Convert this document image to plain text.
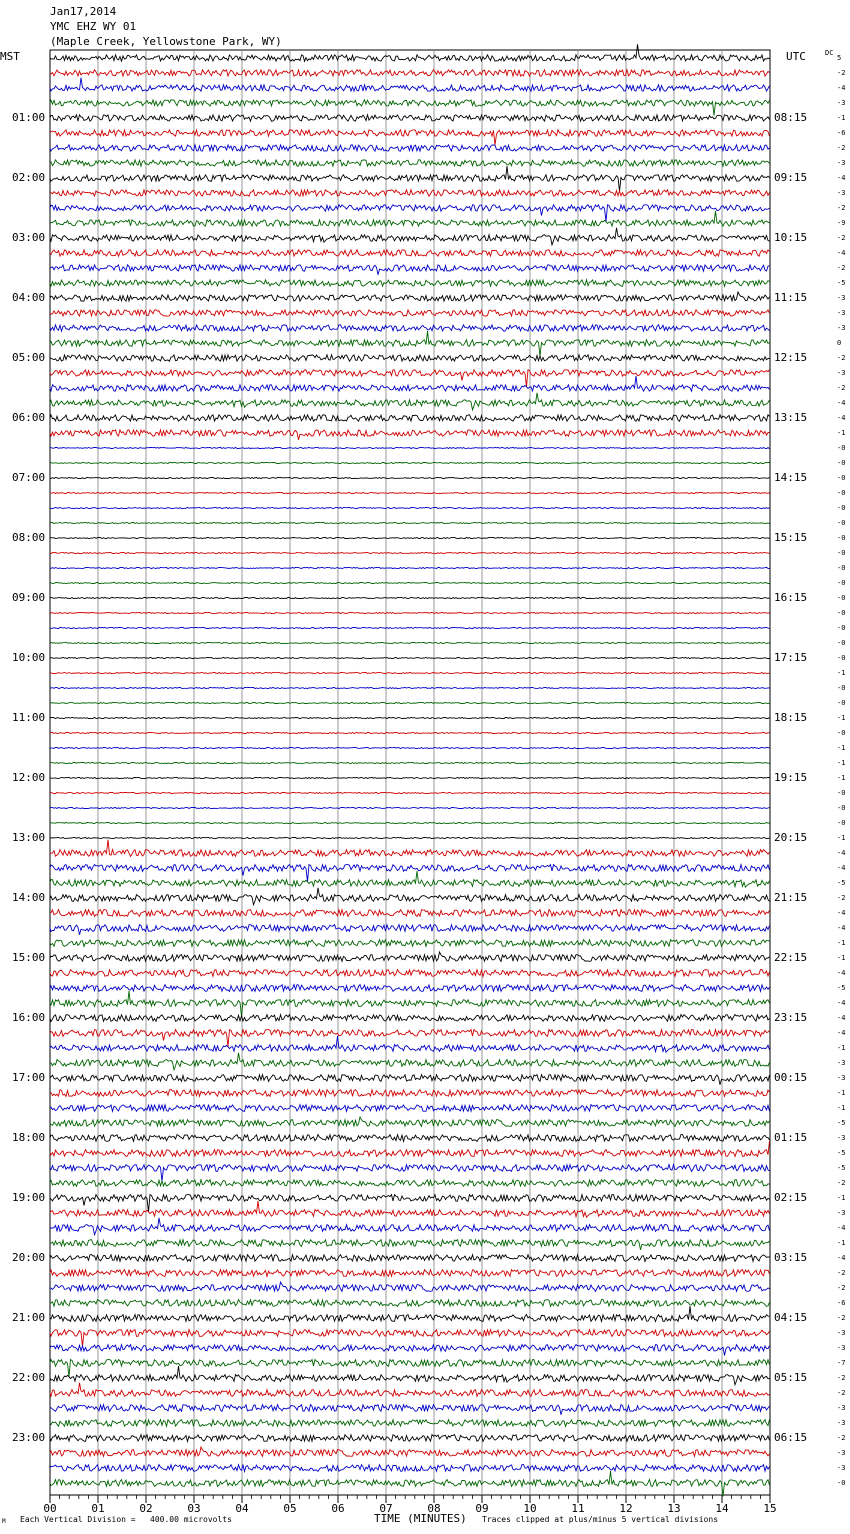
Jan17,2014
YMC EHZ WY 01
(Maple Creek, Yellowstone Park, WY)
MST	UTC	DC
01:00
02:00
03:00
04:00
05:00
06:00
07:00
08:00
09:00
10:00
11:00
12:00
13:00
14:00
15:00
16:00
17:00
18:00
19:00
20:00
21:00
22:00
23:00
08:15
09:15
10:15
11:15
12:15
13:15
14:15
15:15
16:15
17:15
18:15
19:15
20:15
21:15
22:15
23:15
00:15
01:15
02:15
03:15
04:15
05:15
06:15
5
-2
-4
-3
-1
-6
-2
-3
-4
-3
-2
-9
-2
-4
-2
-5
-3
-3
-3
0
-2
-3
-2
-4
-4
-1
-0
-0
-0
-0
-0
-0
-0
-0
-0
-0
-0
-0
-0
-0
-0
-1
-0
-0
-1
-0
-1
-1
-1
-0
-0
-0
-1
-4
-4
-5
-2
-4
-4
-1
-1
-4
-5
-4
-4
-4
-1
-3
-3
-1
-1
-5
-3
-5
-5
-2
-1
-3
-4
-1
-4
-2
-2
-6
-2
-3
-3
-7
-2
-2
-3
-3
-2
-3
-3
-0
00	01	02	03	04	05	06	07	08	09	10	11	12	13	14	15
TIME (MINUTES)
M Each Vertical Division =   400.00 microvolts	Traces clipped at plus/minus 5 vertical divisions
